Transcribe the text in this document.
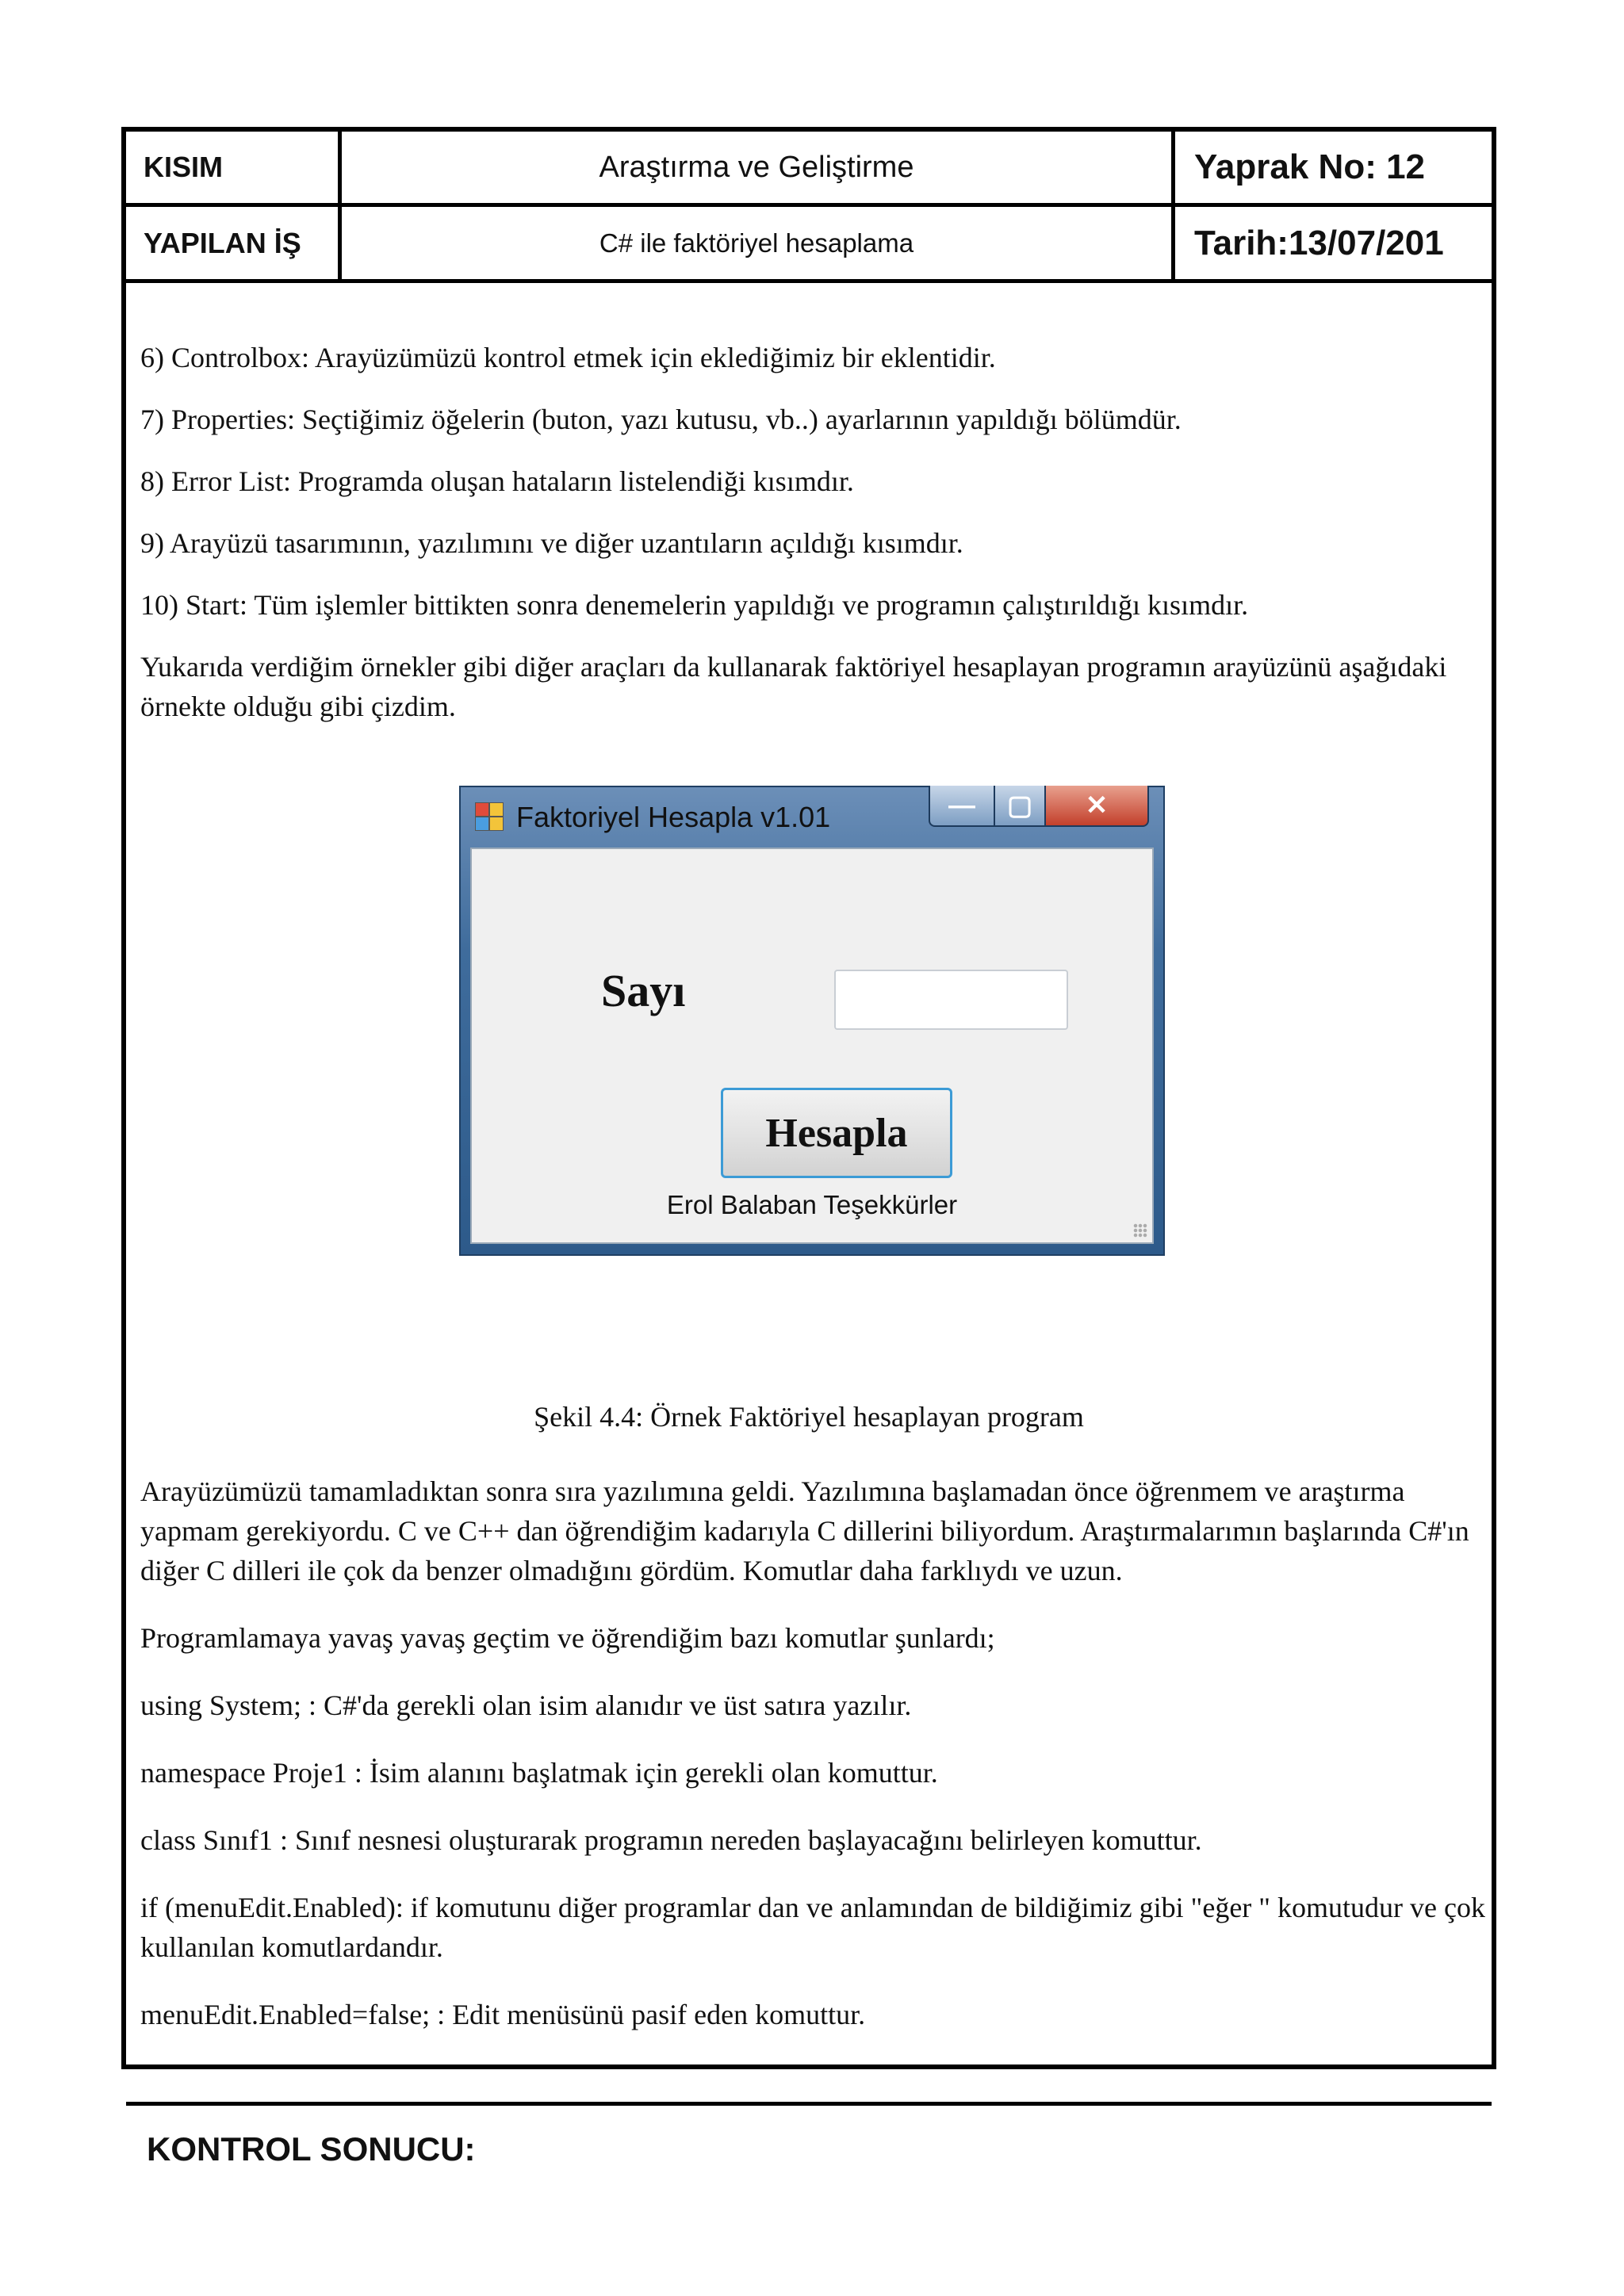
KISIM	Araştırma ve Geliştirme	Yaprak No: 12
YAPILAN İŞ	C# ile faktöriyel hesaplama	Tarih:13/07/201

6) Controlbox: Arayüzümüzü kontrol etmek için eklediğimiz bir eklentidir.

7) Properties: Seçtiğimiz öğelerin (buton, yazı kutusu, vb..) ayarlarının yapıldığı bölümdür.

8) Error List: Programda oluşan hataların listelendiği kısımdır.

9) Arayüzü tasarımının, yazılımını ve diğer uzantıların açıldığı kısımdır.

10) Start: Tüm işlemler bittikten sonra denemelerin yapıldığı ve programın çalıştırıldığı kısımdır.

Yukarıda verdiğim örnekler gibi diğer araçları da kullanarak faktöriyel hesaplayan programın arayüzünü aşağıdaki örnekte olduğu gibi çizdim.

Faktoriyel Hesapla v1.01	—	▢	✕
Sayı
Hesapla
Erol Balaban Teşekkürler
Şekil 4.4: Örnek Faktöriyel hesaplayan program

Arayüzümüzü tamamladıktan sonra sıra yazılımına geldi. Yazılımına başlamadan önce öğrenmem ve araştırma yapmam gerekiyordu. C ve C++ dan öğrendiğim kadarıyla C dillerini biliyordum. Araştırmalarımın başlarında C#'ın diğer C dilleri ile çok da benzer olmadığını gördüm. Komutlar daha farklıydı ve uzun.

Programlamaya yavaş yavaş geçtim ve öğrendiğim bazı komutlar şunlardı;

using System; : C#'da gerekli olan isim alanıdır ve üst satıra yazılır.

namespace Proje1 : İsim alanını başlatmak için gerekli olan komuttur.

class Sınıf1 : Sınıf nesnesi oluşturarak programın nereden başlayacağını belirleyen komuttur.

if (menuEdit.Enabled): if komutunu diğer programlar dan ve anlamından de bildiğimiz gibi "eğer " komutudur ve çok kullanılan komutlardandır.

menuEdit.Enabled=false; : Edit menüsünü pasif eden komuttur.

KONTROL SONUCU:
